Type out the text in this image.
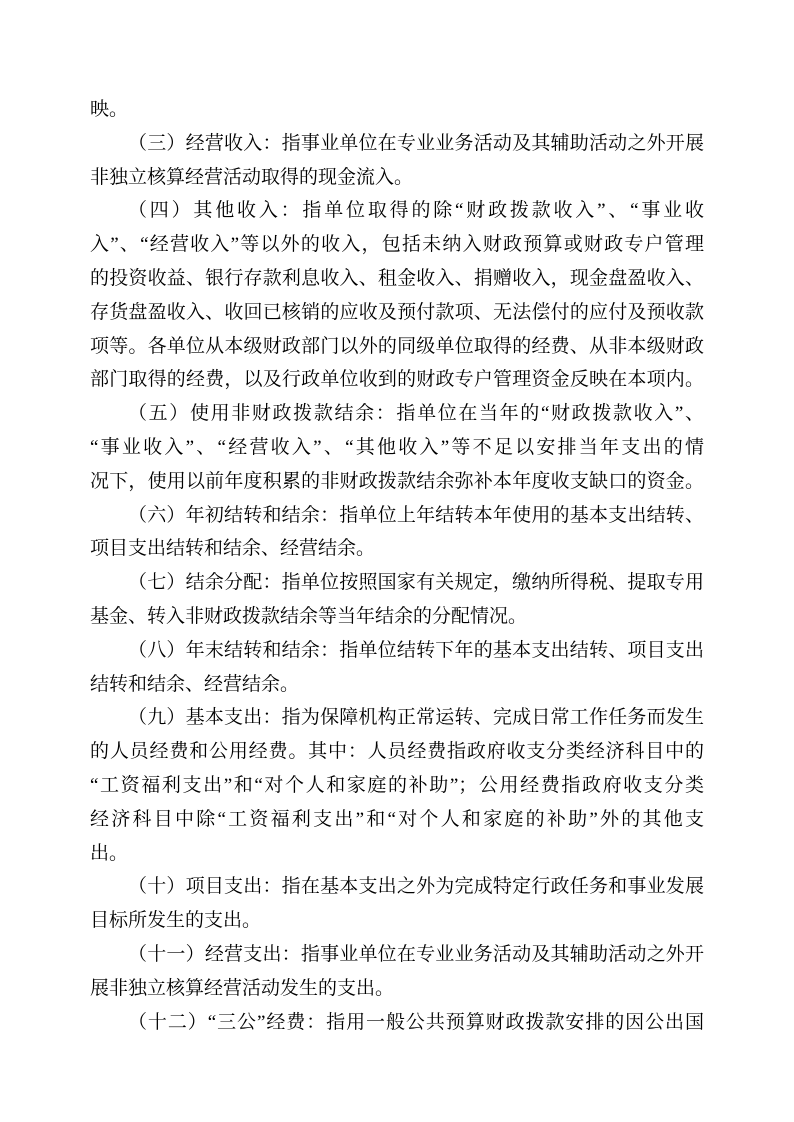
映。
（三）经营收入：指事业单位在专业业务活动及其辅助活动之外开展
非独立核算经营活动取得的现金流入。
（四）其他收入：指单位取得的除“财政拨款收入”、“事业收
入”、“经营收入”等以外的收入，包括未纳入财政预算或财政专户管理
的投资收益、银行存款利息收入、租金收入、捐赠收入，现金盘盈收入、
存货盘盈收入、收回已核销的应收及预付款项、无法偿付的应付及预收款
项等。各单位从本级财政部门以外的同级单位取得的经费、从非本级财政
部门取得的经费，以及行政单位收到的财政专户管理资金反映在本项内。
（五）使用非财政拨款结余：指单位在当年的“财政拨款收入”、
“事业收入”、“经营收入”、“其他收入”等不足以安排当年支出的情
况下，使用以前年度积累的非财政拨款结余弥补本年度收支缺口的资金。
（六）年初结转和结余：指单位上年结转本年使用的基本支出结转、
项目支出结转和结余、经营结余。
（七）结余分配：指单位按照国家有关规定，缴纳所得税、提取专用
基金、转入非财政拨款结余等当年结余的分配情况。
（八）年末结转和结余：指单位结转下年的基本支出结转、项目支出
结转和结余、经营结余。
（九）基本支出：指为保障机构正常运转、完成日常工作任务而发生
的人员经费和公用经费。其中：人员经费指政府收支分类经济科目中的
“工资福利支出”和“对个人和家庭的补助”；公用经费指政府收支分类
经济科目中除“工资福利支出”和“对个人和家庭的补助”外的其他支
出。
（十）项目支出：指在基本支出之外为完成特定行政任务和事业发展
目标所发生的支出。
（十一）经营支出：指事业单位在专业业务活动及其辅助活动之外开
展非独立核算经营活动发生的支出。
（十二）“三公”经费：指用一般公共预算财政拨款安排的因公出国
